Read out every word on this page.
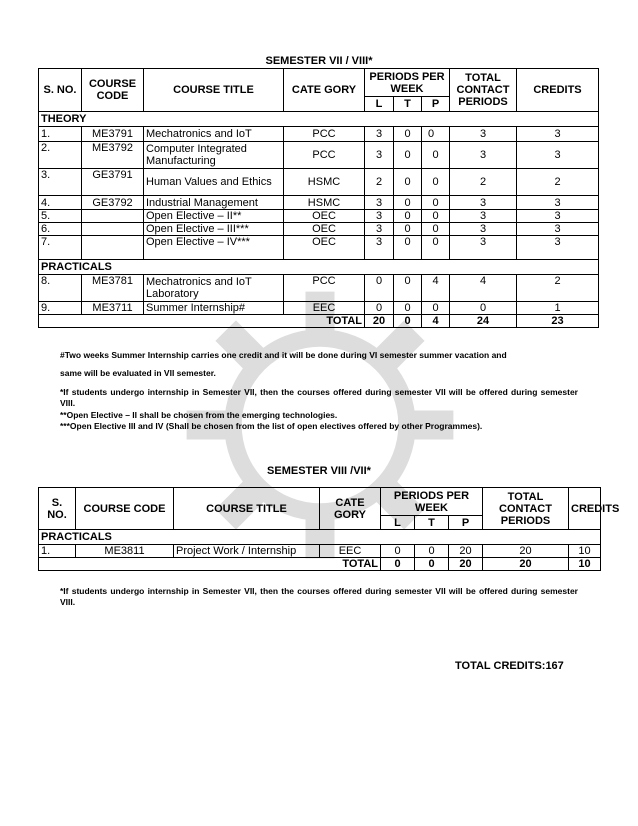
SEMESTER VII / VIII*
S. NO.	COURSE CODE	COURSE TITLE	CATE GORY	PERIODS PER WEEK			TOTAL CONTACT PERIODS	CREDITS
				L	T	P		
THEORY								
1.	ME3791	Mechatronics and IoT	PCC	3	0	0	3	3
2.	ME3792	Computer Integrated Manufacturing	PCC	3	0	0	3	3
3.	GE3791	Human Values and Ethics	HSMC	2	0	0	2	2
4.	GE3792	Industrial Management	HSMC	3	0	0	3	3
5.		Open Elective – II**	OEC	3	0	0	3	3
6.		Open Elective – III***	OEC	3	0	0	3	3
7.		Open Elective – IV***	OEC	3	0	0	3	3
PRACTICALS								
8.	ME3781	Mechatronics and IoT Laboratory	PCC	0	0	4	4	2
9.	ME3711	Summer Internship#	EEC	0	0	0	0	1
TOTAL				20	0	4	24	23
#Two weeks Summer Internship carries one credit and it will be done during VI semester summer vacation and
same will be evaluated in VII semester.
*If students undergo internship in Semester VII, then the courses offered during semester VII will be offered during semester VIII.
**Open Elective – II shall be chosen from the emerging technologies.
***Open Elective III and IV (Shall be chosen from the list of open electives offered by other Programmes).
SEMESTER VIII /VII*
S. NO.	COURSE CODE	COURSE TITLE	CATE GORY	PERIODS PER WEEK			TOTAL CONTACT PERIODS	CREDITS
				L	T	P		
PRACTICALS								
1.	ME3811	Project Work / Internship	EEC	0	0	20	20	10
TOTAL				0	0	20	20	10
*If students undergo internship in Semester VII, then the courses offered during semester VII will be offered during semester VIII.
TOTAL CREDITS:167
